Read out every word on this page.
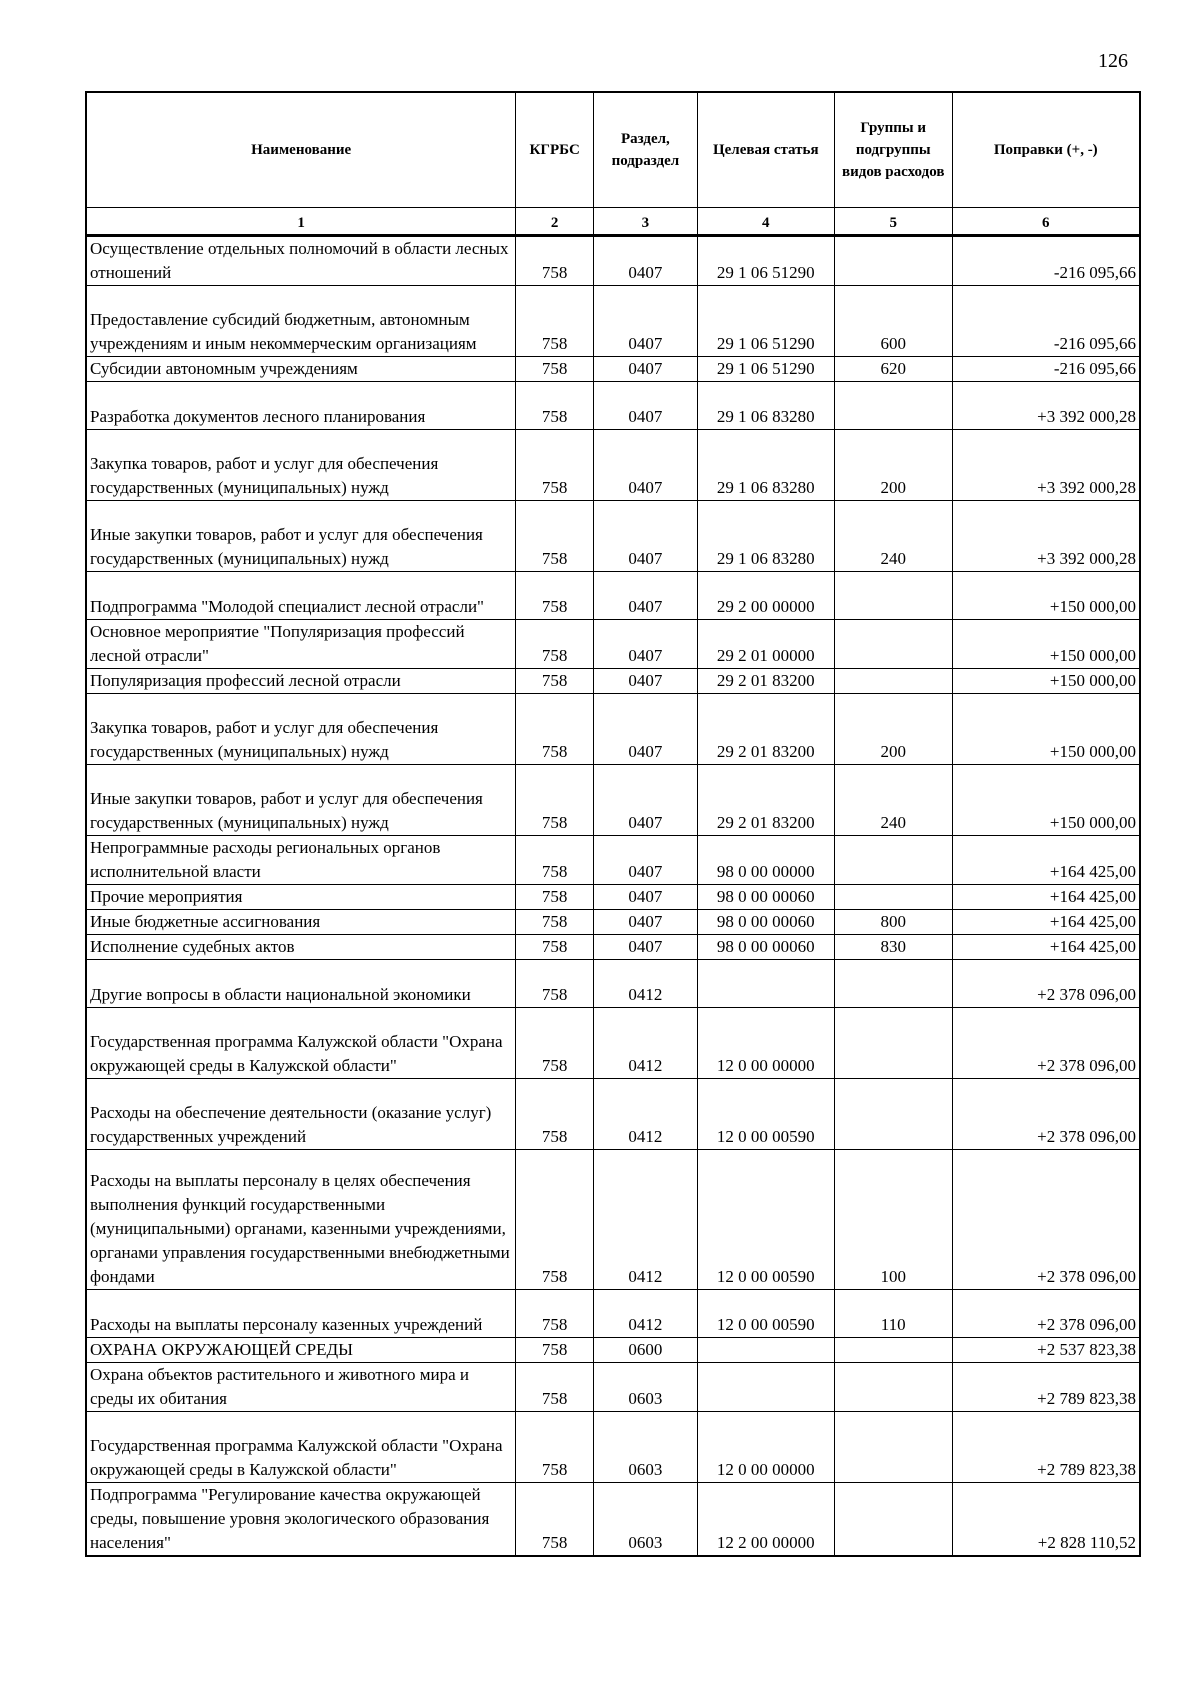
126
Наименование	КГРБС	Раздел, подраздел	Целевая статья	Группы и подгруппы видов расходов	Поправки (+, -)
1	2	3	4	5	6
Осуществление отдельных полномочий в области лесных отношений	758	0407	29 1 06 51290		-216 095,66
Предоставление субсидий бюджетным, автономным учреждениям и иным некоммерческим организациям	758	0407	29 1 06 51290	600	-216 095,66
Субсидии автономным учреждениям	758	0407	29 1 06 51290	620	-216 095,66
Разработка документов лесного планирования	758	0407	29 1 06 83280		+3 392 000,28
Закупка товаров, работ и услуг для обеспечения государственных (муниципальных) нужд	758	0407	29 1 06 83280	200	+3 392 000,28
Иные закупки товаров, работ и услуг для обеспечения государственных (муниципальных) нужд	758	0407	29 1 06 83280	240	+3 392 000,28
Подпрограмма "Молодой специалист лесной отрасли"	758	0407	29 2 00 00000		+150 000,00
Основное мероприятие "Популяризация профессий лесной отрасли"	758	0407	29 2 01 00000		+150 000,00
Популяризация профессий лесной отрасли	758	0407	29 2 01 83200		+150 000,00
Закупка товаров, работ и услуг для обеспечения государственных (муниципальных) нужд	758	0407	29 2 01 83200	200	+150 000,00
Иные закупки товаров, работ и услуг для обеспечения государственных (муниципальных) нужд	758	0407	29 2 01 83200	240	+150 000,00
Непрограммные расходы региональных органов исполнительной власти	758	0407	98 0 00 00000		+164 425,00
Прочие мероприятия	758	0407	98 0 00 00060		+164 425,00
Иные бюджетные ассигнования	758	0407	98 0 00 00060	800	+164 425,00
Исполнение судебных актов	758	0407	98 0 00 00060	830	+164 425,00
Другие вопросы в области национальной экономики	758	0412			+2 378 096,00
Государственная программа Калужской области "Охрана окружающей среды в Калужской области"	758	0412	12 0 00 00000		+2 378 096,00
Расходы на обеспечение деятельности (оказание услуг) государственных учреждений	758	0412	12 0 00 00590		+2 378 096,00
Расходы на выплаты персоналу в целях обеспечения выполнения функций государственными (муниципальными) органами, казенными учреждениями, органами управления государственными внебюджетными фондами	758	0412	12 0 00 00590	100	+2 378 096,00
Расходы на выплаты персоналу казенных учреждений	758	0412	12 0 00 00590	110	+2 378 096,00
ОХРАНА ОКРУЖАЮЩЕЙ СРЕДЫ	758	0600			+2 537 823,38
Охрана объектов растительного и животного мира и среды их обитания	758	0603			+2 789 823,38
Государственная программа Калужской области "Охрана окружающей среды в Калужской области"	758	0603	12 0 00 00000		+2 789 823,38
Подпрограмма "Регулирование качества окружающей среды, повышение уровня экологического образования населения"	758	0603	12 2 00 00000		+2 828 110,52
